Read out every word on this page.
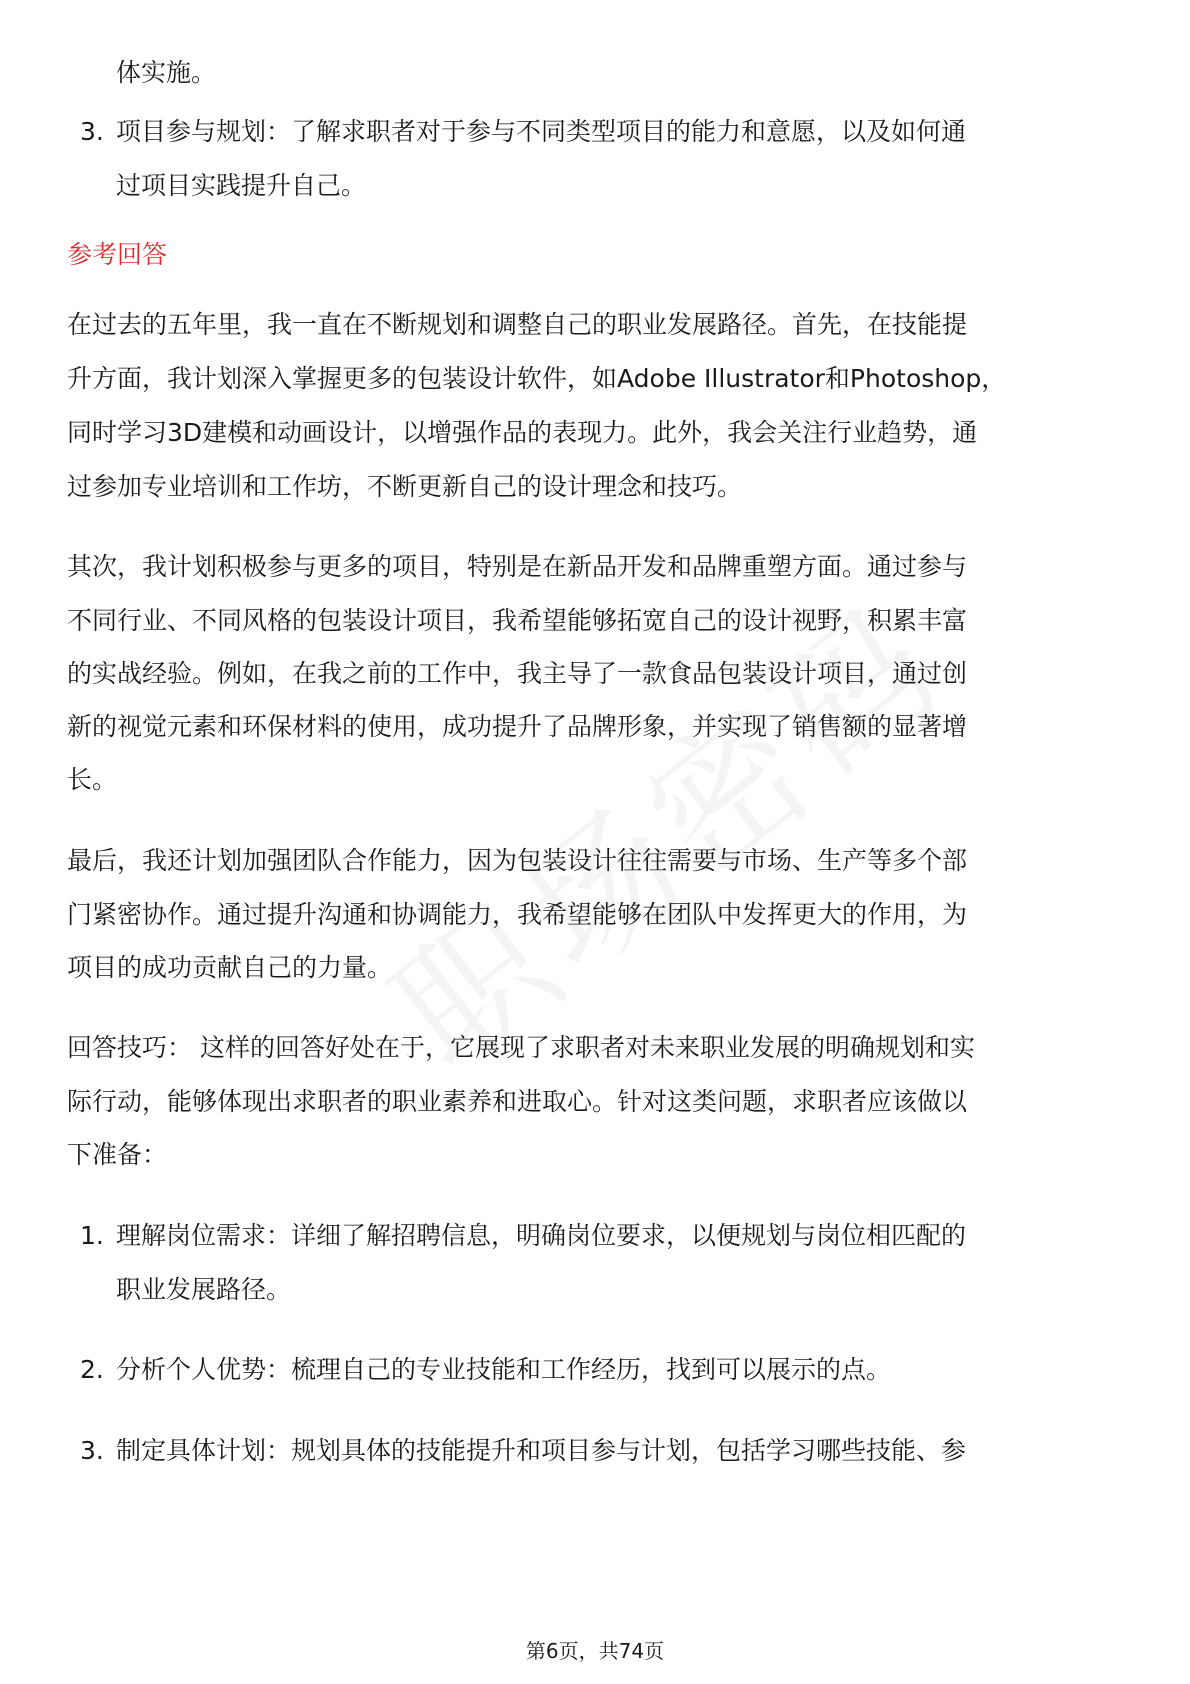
体实施。
3. 项目参与规划：了解求职者对于参与不同类型项目的能力和意愿，以及如何通
过项目实践提升自己。
参考回答
在过去的五年里，我一直在不断规划和调整自己的职业发展路径。首先，在技能提
升方面，我计划深入掌握更多的包装设计软件，如Adobe Illustrator和Photoshop，
同时学习3D建模和动画设计，以增强作品的表现力。此外，我会关注行业趋势，通
过参加专业培训和工作坊，不断更新自己的设计理念和技巧。
其次，我计划积极参与更多的项目，特别是在新品开发和品牌重塑方面。通过参与
不同行业、不同风格的包装设计项目，我希望能够拓宽自己的设计视野，积累丰富
的实战经验。例如，在我之前的工作中，我主导了一款食品包装设计项目，通过创
新的视觉元素和环保材料的使用，成功提升了品牌形象，并实现了销售额的显著增
长。
最后，我还计划加强团队合作能力，因为包装设计往往需要与市场、生产等多个部
门紧密协作。通过提升沟通和协调能力，我希望能够在团队中发挥更大的作用，为
项目的成功贡献自己的力量。
回答技巧： 这样的回答好处在于，它展现了求职者对未来职业发展的明确规划和实
际行动，能够体现出求职者的职业素养和进取心。针对这类问题，求职者应该做以
下准备：
1. 理解岗位需求：详细了解招聘信息，明确岗位要求，以便规划与岗位相匹配的
职业发展路径。
2. 分析个人优势：梳理自己的专业技能和工作经历，找到可以展示的点。
3. 制定具体计划：规划具体的技能提升和项目参与计划，包括学习哪些技能、参
第6页，共74页
